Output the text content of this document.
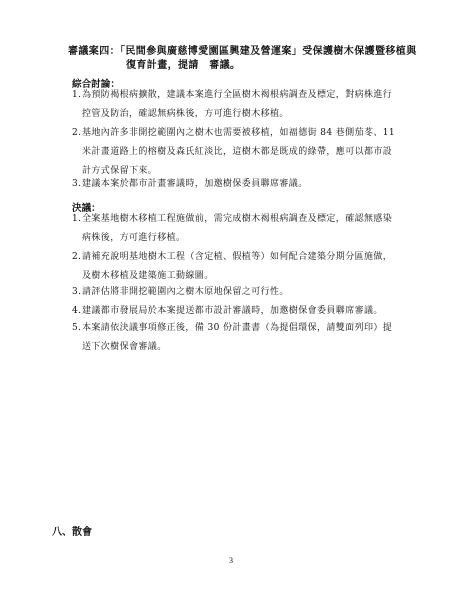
審議案四：「民間參與廣慈博愛園區興建及營運案」受保護樹木保護暨移植與
復育計畫，提請　審議。
綜合討論：
1. 為預防褐根病擴散，建議本案進行全區樹木褐根病調查及標定，對病株進行
控管及防治，確認無病株後，方可進行樹木移植。
2. 基地內許多非開挖範圍內之樹木也需要被移植，如福德街 84 巷側茄苳、11
米計畫道路上的榕樹及森氏紅淡比，這樹木都是既成的綠帶，應可以都市設
計方式保留下來。
3. 建議本案於都市計畫審議時，加邀樹保委員聯席審議。
決議：
1. 全案基地樹木移植工程施做前，需完成樹木褐根病調查及標定，確認無感染
病株後，方可進行移植。
2. 請補充說明基地樹木工程（含定植、假植等）如何配合建築分期分區施做，
及樹木移植及建築施工動線圖。
3. 請評估將非開挖範圍內之樹木原地保留之可行性。
4. 建議都市發展局於本案提送都市設計審議時，加邀樹保會委員聯席審議。
5. 本案請依決議事項修正後，備 30 份計畫書（為提倡環保，請雙面列印）提
送下次樹保會審議。
八、散會
3
